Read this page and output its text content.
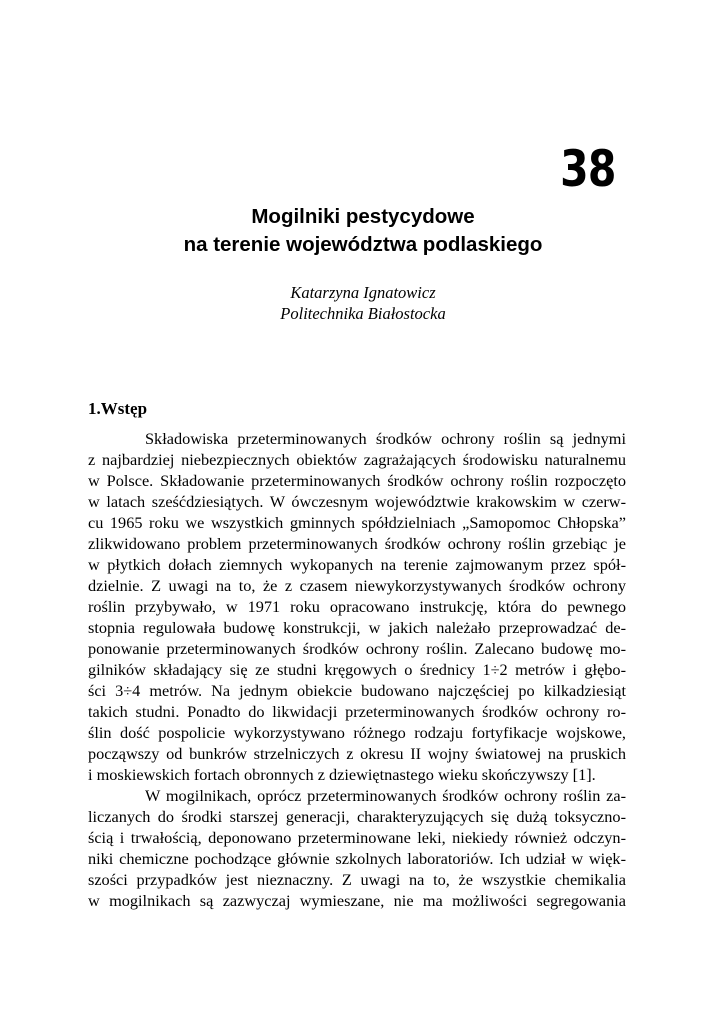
38
Mogilniki pestycydowe
na terenie województwa podlaskiego
Katarzyna Ignatowicz
Politechnika Białostocka
1.Wstęp
Składowiska przeterminowanych środków ochrony roślin są jednymi
z najbardziej niebezpiecznych obiektów zagrażających środowisku naturalnemu
w Polsce. Składowanie przeterminowanych środków ochrony roślin rozpoczęto
w latach sześćdziesiątych. W ówczesnym województwie krakowskim w czerw-
cu 1965 roku we wszystkich gminnych spółdzielniach „Samopomoc Chłopska”
zlikwidowano problem przeterminowanych środków ochrony roślin grzebiąc je
w płytkich dołach ziemnych wykopanych na terenie zajmowanym przez spół-
dzielnie. Z uwagi na to, że z czasem niewykorzystywanych środków ochrony
roślin przybywało, w 1971 roku opracowano instrukcję, która do pewnego
stopnia regulowała budowę konstrukcji, w jakich należało przeprowadzać de-
ponowanie przeterminowanych środków ochrony roślin. Zalecano budowę mo-
gilników składający się ze studni kręgowych o średnicy 1÷2 metrów i głębo-
ści 3÷4 metrów. Na jednym obiekcie budowano najczęściej po kilkadziesiąt
takich studni. Ponadto do likwidacji przeterminowanych środków ochrony ro-
ślin dość pospolicie wykorzystywano różnego rodzaju fortyfikacje wojskowe,
począwszy od bunkrów strzelniczych z okresu II wojny światowej na pruskich
i moskiewskich fortach obronnych z dziewiętnastego wieku skończywszy [1].
W mogilnikach, oprócz przeterminowanych środków ochrony roślin za-
liczanych do środki starszej generacji, charakteryzujących się dużą toksyczno-
ścią i trwałością, deponowano przeterminowane leki, niekiedy również odczyn-
niki chemiczne pochodzące głównie szkolnych laboratoriów. Ich udział w więk-
szości przypadków jest nieznaczny. Z uwagi na to, że wszystkie chemikalia
w mogilnikach są zazwyczaj wymieszane, nie ma możliwości segregowania
